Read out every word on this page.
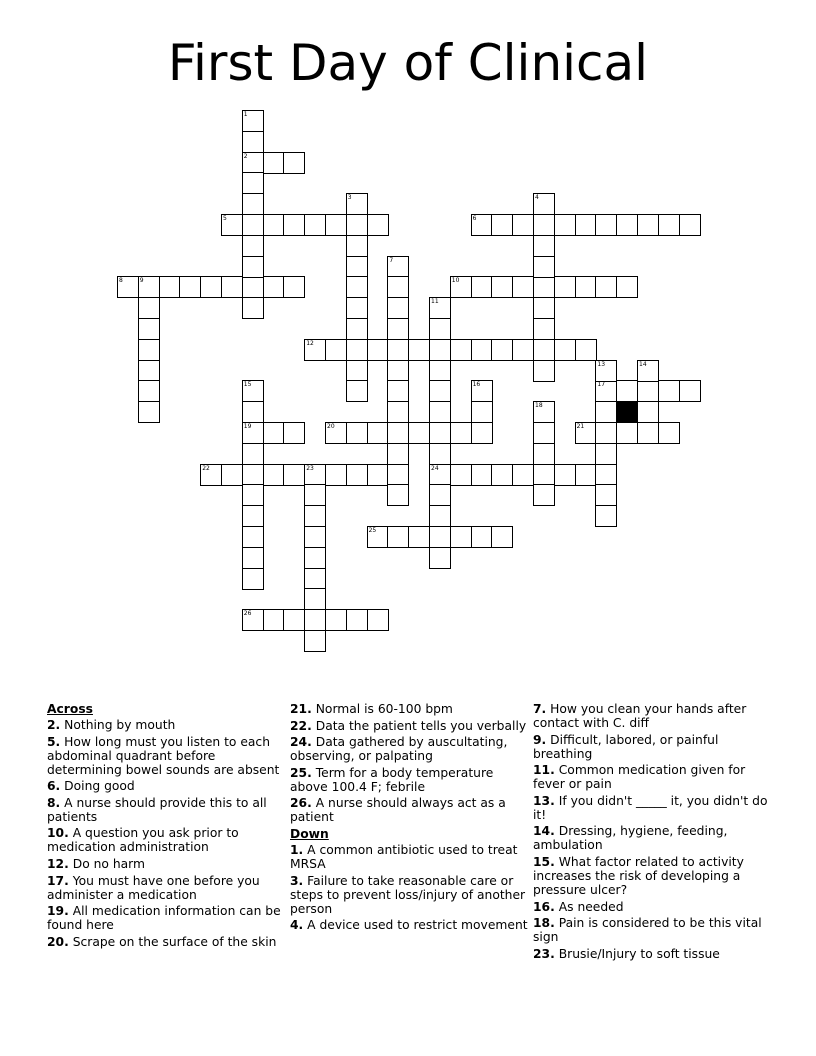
First Day of Clinical
2
5	6
8	9	10
12
17
19	20	21
22	23	24
25
26
1
3	4
7
11
13	14
15	16
18
Across
2. Nothing by mouth
5. How long must you listen to each abdominal quadrant before determining bowel sounds are absent
6. Doing good
8. A nurse should provide this to all patients
10. A question you ask prior to medication administration
12. Do no harm
17. You must have one before you administer a medication
19. All medication information can be found here
20. Scrape on the surface of the skin
21. Normal is 60-100 bpm
22. Data the patient tells you verbally
24. Data gathered by auscultating, observing, or palpating
25. Term for a body temperature above 100.4 F; febrile
26. A nurse should always act as a patient
Down
1. A common antibiotic used to treat MRSA
3. Failure to take reasonable care or steps to prevent loss/injury of another person
4. A device used to restrict movement
7. How you clean your hands after contact with C. diff
9. Difficult, labored, or painful breathing
11. Common medication given for fever or pain
13. If you didn't _____ it, you didn't do it!
14. Dressing, hygiene, feeding, ambulation
15. What factor related to activity increases the risk of developing a pressure ulcer?
16. As needed
18. Pain is considered to be this vital sign
23. Brusie/Injury to soft tissue
